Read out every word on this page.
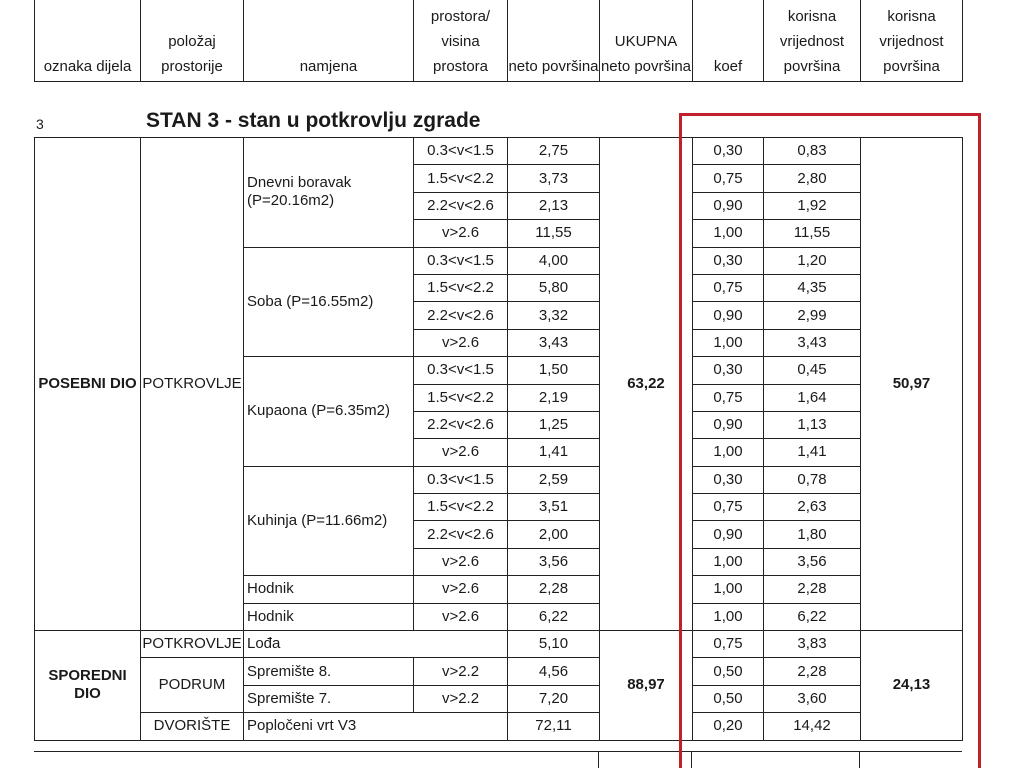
oznaka dijela	položaj prostorije	namjena	prostora/ visina prostora	neto površina	UKUPNA neto površina	koef	korisna vrijednost površina	korisna vrijednost površina
3	STAN 3 - stan u potkrovlju zgrade
POSEBNI DIO	POTKROVLJE	Dnevni boravak (P=20.16m2)	0.3<v<1.5	2,75	63,22	0,30	0,83	50,97
			1.5<v<2.2	3,73		0,75	2,80	
			2.2<v<2.6	2,13		0,90	1,92	
			v>2.6	11,55		1,00	11,55	
		Soba (P=16.55m2)	0.3<v<1.5	4,00		0,30	1,20	
			1.5<v<2.2	5,80		0,75	4,35	
			2.2<v<2.6	3,32		0,90	2,99	
			v>2.6	3,43		1,00	3,43	
		Kupaona (P=6.35m2)	0.3<v<1.5	1,50		0,30	0,45	
			1.5<v<2.2	2,19		0,75	1,64	
			2.2<v<2.6	1,25		0,90	1,13	
			v>2.6	1,41		1,00	1,41	
		Kuhinja (P=11.66m2)	0.3<v<1.5	2,59		0,30	0,78	
			1.5<v<2.2	3,51		0,75	2,63	
			2.2<v<2.6	2,00		0,90	1,80	
			v>2.6	3,56		1,00	3,56	
		Hodnik	v>2.6	2,28		1,00	2,28	
		Hodnik	v>2.6	6,22		1,00	6,22	
SPOREDNI DIO	POTKROVLJE	Lođa		5,10	88,97	0,75	3,83	24,13
	PODRUM	Spremište 8.	v>2.2	4,56		0,50	2,28	
		Spremište 7.	v>2.2	7,20		0,50	3,60	
	DVORIŠTE	Popločeni vrt V3		72,11		0,20	14,42	
